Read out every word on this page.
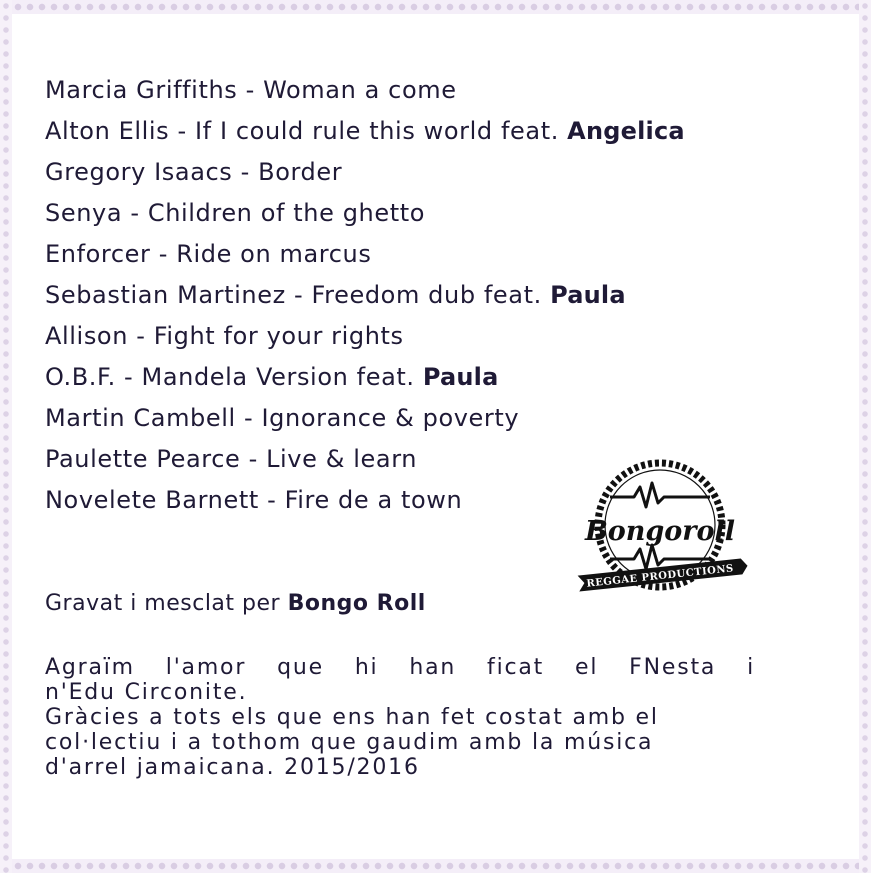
Marcia Griffiths - Woman a come
Alton Ellis - If I could rule this world feat. Angelica
Gregory Isaacs - Border
Senya - Children of the ghetto
Enforcer - Ride on marcus
Sebastian Martinez - Freedom dub feat. Paula
Allison - Fight for your rights
O.B.F. - Mandela Version feat. Paula
Martin Cambell - Ignorance & poverty
Paulette Pearce - Live & learn
Novelete Barnett - Fire de a town
Bongoroll
REGGAE PRODUCTIONS
Gravat i mesclat per Bongo Roll

Agraïm l'amor que hi han ficat el FNesta i

n'Edu Circonite.

Gràcies a tots els que ens han fet costat amb el

col·lectiu i a tothom que gaudim amb la música

d'arrel jamaicana. 2015/2016
